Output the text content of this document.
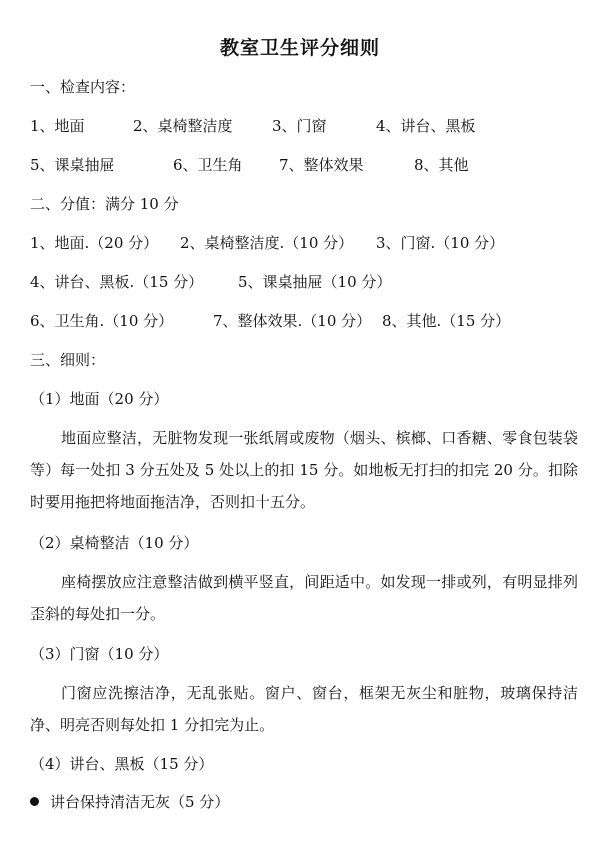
教室卫生评分细则
一、检查内容：
1、地面	2、桌椅整洁度	3、门窗	4、讲台、黑板
5、课桌抽屉	6、卫生角 7、整体效果	8、其他
二、分值：满分 10 分
1、地面.（20 分） 2、桌椅整洁度.（10 分） 3、门窗.（10 分）
4、讲台、黑板.（15 分） 5、课桌抽屉（10 分）
6、卫生角.（10 分）	7、整体效果.（10 分） 8、其他.（15 分）
三、细则：
（1）地面（20 分）
地面应整洁，无脏物发现一张纸屑或废物（烟头、槟榔、口香糖、零食包装袋等）每一处扣 3 分五处及 5 处以上的扣 15 分。如地板无打扫的扣完 20 分。扣除时要用拖把将地面拖洁净，否则扣十五分。
（2）桌椅整洁（10 分）
座椅摆放应注意整洁做到横平竖直，间距适中。如发现一排或列，有明显排列歪斜的每处扣一分。
（3）门窗（10 分）
门窗应洗擦洁净，无乱张贴。窗户、窗台，框架无灰尘和脏物，玻璃保持洁净、明亮否则每处扣 1 分扣完为止。
（4）讲台、黑板（15 分）
讲台保持清洁无灰（5 分）
